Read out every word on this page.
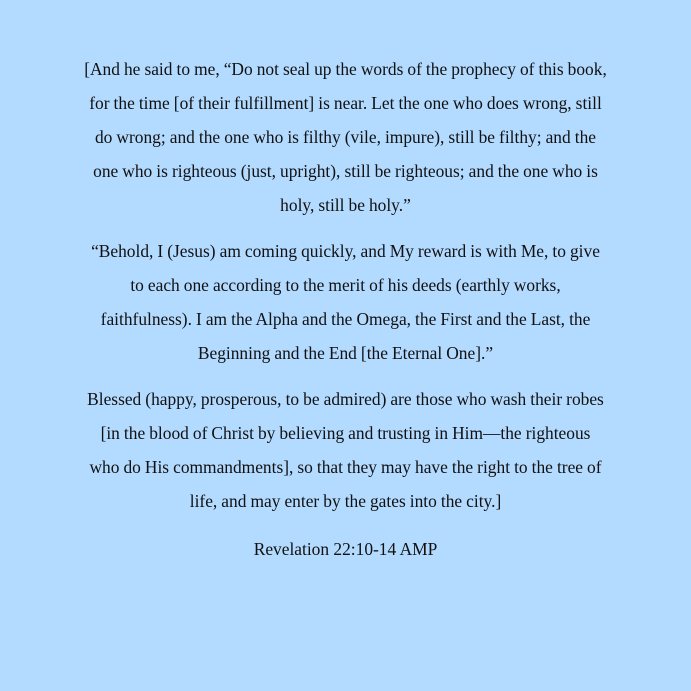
[And he said to me, “Do not seal up the words of the prophecy of this book, for the time [of their fulfillment] is near. Let the one who does wrong, still do wrong; and the one who is filthy (vile, impure), still be filthy; and the one who is righteous (just, upright), still be righteous; and the one who is holy, still be holy.”

“Behold, I (Jesus) am coming quickly, and My reward is with Me, to give to each one according to the merit of his deeds (earthly works, faithfulness). I am the Alpha and the Omega, the First and the Last, the Beginning and the End [the Eternal One].”

Blessed (happy, prosperous, to be admired) are those who wash their robes [in the blood of Christ by believing and trusting in Him—the righteous who do His commandments], so that they may have the right to the tree of life, and may enter by the gates into the city.]

Revelation 22:10-14 AMP
